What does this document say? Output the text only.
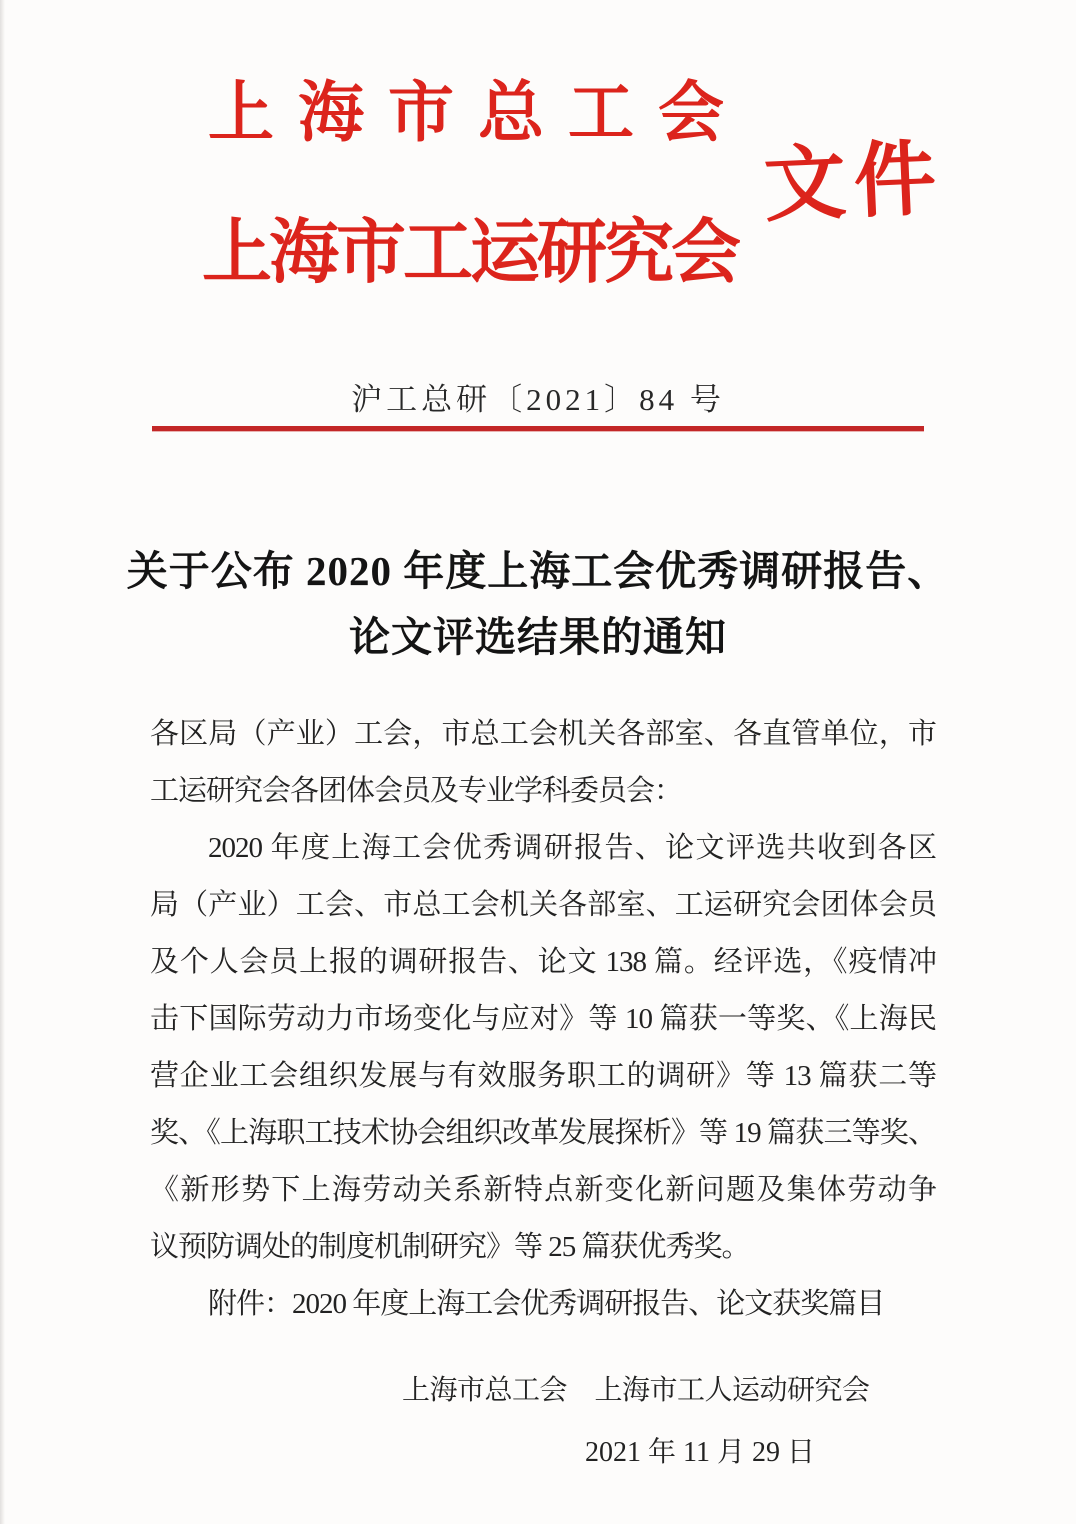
上海市总工会
文件
上海市工运研究会
沪工总研〔2021〕84 号
关于公布 2020 年度上海工会优秀调研报告、
论文评选结果的通知
各区局（产业）工会，市总工会机关各部室、各直管单位，市
工运研究会各团体会员及专业学科委员会：
2020 年度上海工会优秀调研报告、论文评选共收到各区
局（产业）工会、市总工会机关各部室、工运研究会团体会员
及个人会员上报的调研报告、论文 138 篇。经评选，《疫情冲
击下国际劳动力市场变化与应对》等 10 篇获一等奖、《上海民
营企业工会组织发展与有效服务职工的调研》等 13 篇获二等
奖、《上海职工技术协会组织改革发展探析》等 19 篇获三等奖、
《新形势下上海劳动关系新特点新变化新问题及集体劳动争
议预防调处的制度机制研究》等 25 篇获优秀奖。
附件：2020 年度上海工会优秀调研报告、论文获奖篇目
上海市总工会　上海市工人运动研究会
2021 年 11 月 29 日
